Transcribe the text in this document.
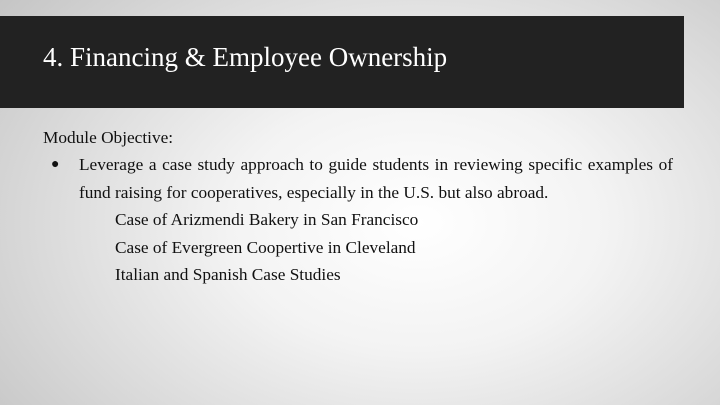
4. Financing & Employee Ownership
Module Objective:
● Leverage a case study approach to guide students in reviewing specific examples of fund raising for cooperatives, especially in the U.S. but also abroad.
Case of Arizmendi Bakery in San Francisco
Case of Evergreen Coopertive in Cleveland
Italian and Spanish Case Studies
